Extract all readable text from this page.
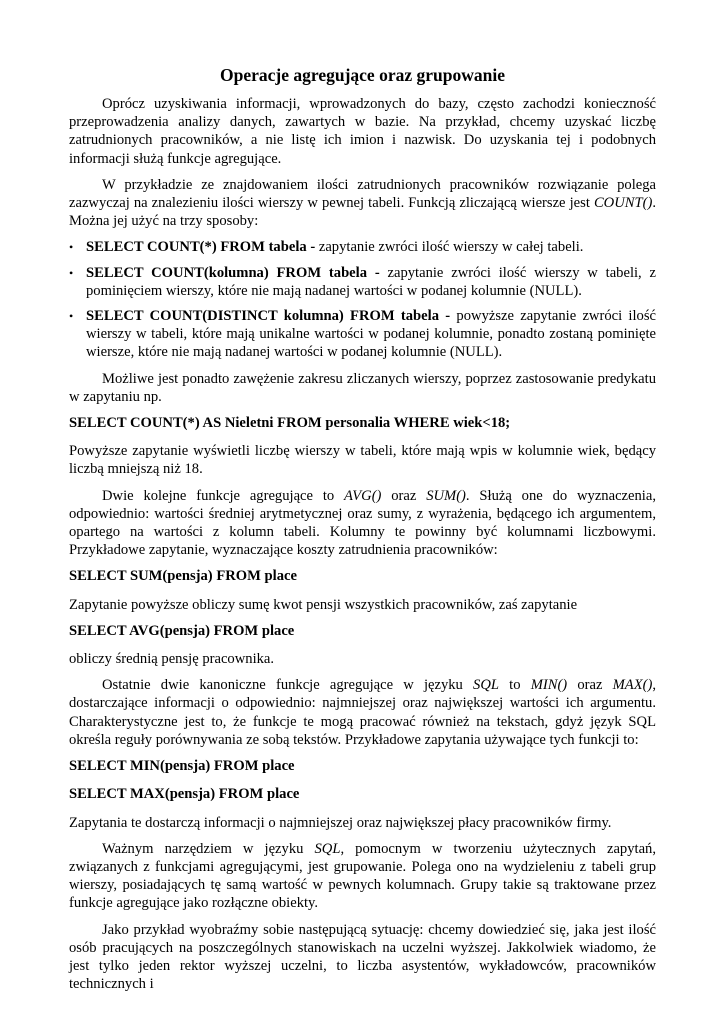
Operacje agregujące oraz grupowanie

Oprócz uzyskiwania informacji, wprowadzonych do bazy, często zachodzi konieczność przeprowadzenia analizy danych, zawartych w bazie. Na przykład, chcemy uzyskać liczbę zatrudnionych pracowników, a nie listę ich imion i nazwisk. Do uzyskania tej i podobnych informacji służą funkcje agregujące.

W przykładzie ze znajdowaniem ilości zatrudnionych pracowników rozwiązanie polega zazwyczaj na znalezieniu ilości wierszy w pewnej tabeli. Funkcją zliczającą wiersze jest COUNT(). Można jej użyć na trzy sposoby:

• SELECT COUNT(*) FROM tabela - zapytanie zwróci ilość wierszy w całej tabeli.
• SELECT COUNT(kolumna) FROM tabela - zapytanie zwróci ilość wierszy w tabeli, z pominięciem wierszy, które nie mają nadanej wartości w podanej kolumnie (NULL).
• SELECT COUNT(DISTINCT kolumna) FROM tabela - powyższe zapytanie zwróci ilość wierszy w tabeli, które mają unikalne wartości w podanej kolumnie, ponadto zostaną pominięte wiersze, które nie mają nadanej wartości w podanej kolumnie (NULL).

Możliwe jest ponadto zawężenie zakresu zliczanych wierszy, poprzez zastosowanie predykatu w zapytaniu np.

SELECT COUNT(*) AS Nieletni FROM personalia WHERE wiek<18;

Powyższe zapytanie wyświetli liczbę wierszy w tabeli, które mają wpis w kolumnie wiek, będący liczbą mniejszą niż 18.

Dwie kolejne funkcje agregujące to AVG() oraz SUM(). Służą one do wyznaczenia, odpowiednio: wartości średniej arytmetycznej oraz sumy, z wyrażenia, będącego ich argumentem, opartego na wartości z kolumn tabeli. Kolumny te powinny być kolumnami liczbowymi. Przykładowe zapytanie, wyznaczające koszty zatrudnienia pracowników:

SELECT SUM(pensja) FROM place

Zapytanie powyższe obliczy sumę kwot pensji wszystkich pracowników, zaś zapytanie

SELECT AVG(pensja) FROM place

obliczy średnią pensję pracownika.

Ostatnie dwie kanoniczne funkcje agregujące w języku SQL to MIN() oraz MAX(), dostarczające informacji o odpowiednio: najmniejszej oraz największej wartości ich argumentu. Charakterystyczne jest to, że funkcje te mogą pracować również na tekstach, gdyż język SQL określa reguły porównywania ze sobą tekstów. Przykładowe zapytania używające tych funkcji to:

SELECT MIN(pensja) FROM place

SELECT MAX(pensja) FROM place

Zapytania te dostarczą informacji o najmniejszej oraz największej płacy pracowników firmy.

Ważnym narzędziem w języku SQL, pomocnym w tworzeniu użytecznych zapytań, związanych z funkcjami agregującymi, jest grupowanie. Polega ono na wydzieleniu z tabeli grup wierszy, posiadających tę samą wartość w pewnych kolumnach. Grupy takie są traktowane przez funkcje agregujące jako rozłączne obiekty.

Jako przykład wyobraźmy sobie następującą sytuację: chcemy dowiedzieć się, jaka jest ilość osób pracujących na poszczególnych stanowiskach na uczelni wyższej. Jakkolwiek wiadomo, że jest tylko jeden rektor wyższej uczelni, to liczba asystentów, wykładowców, pracowników technicznych i
